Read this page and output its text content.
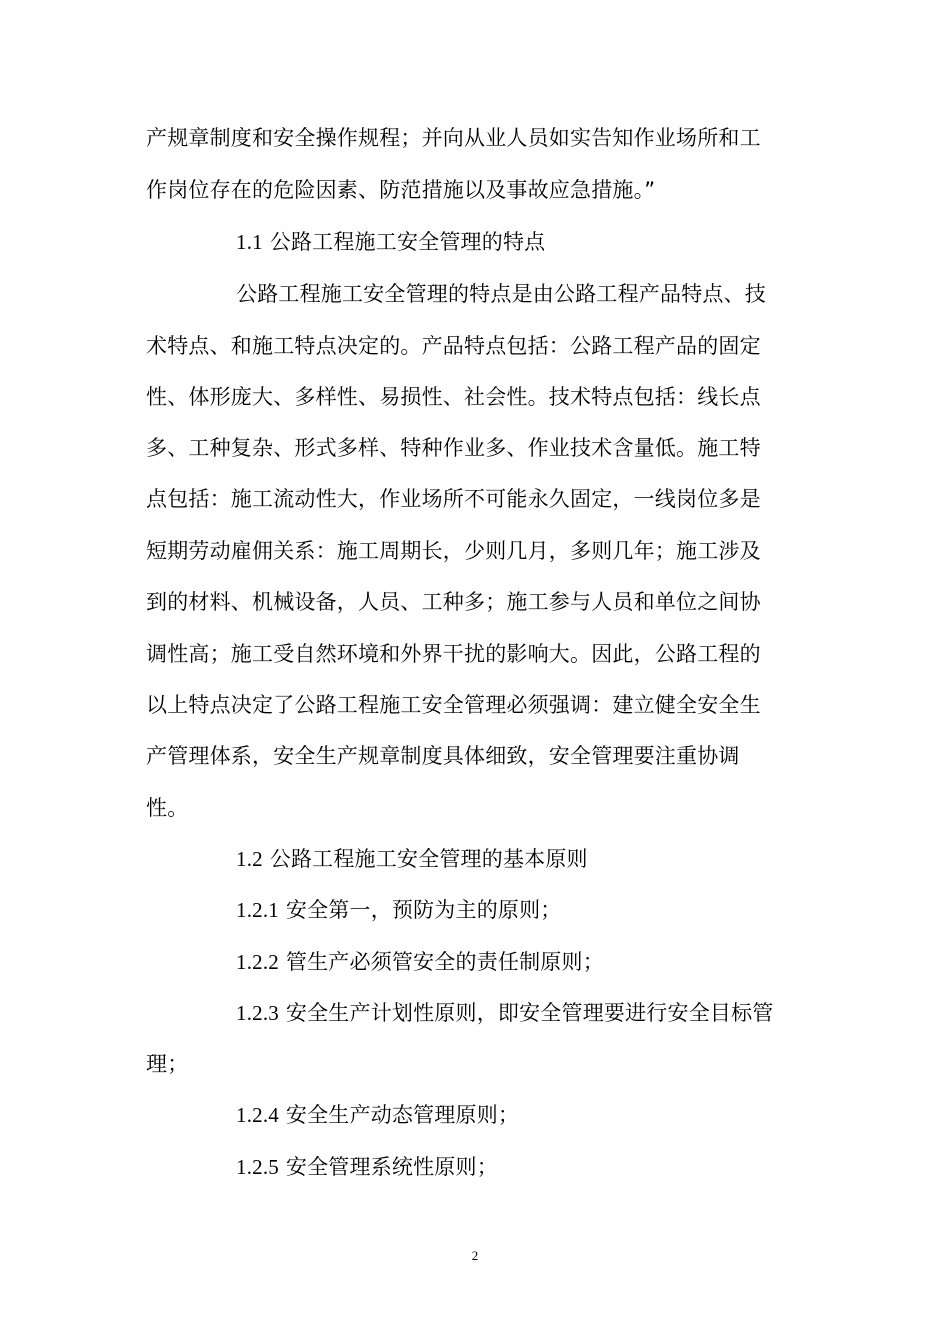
产规章制度和安全操作规程；并向从业人员如实告知作业场所和工
作岗位存在的危险因素、防范措施以及事故应急措施。”
1.1 公路工程施工安全管理的特点
公路工程施工安全管理的特点是由公路工程产品特点、技
术特点、和施工特点决定的。产品特点包括：公路工程产品的固定
性、体形庞大、多样性、易损性、社会性。技术特点包括：线长点
多、工种复杂、形式多样、特种作业多、作业技术含量低。施工特
点包括：施工流动性大，作业场所不可能永久固定，一线岗位多是
短期劳动雇佣关系：施工周期长，少则几月，多则几年；施工涉及
到的材料、机械设备，人员、工种多；施工参与人员和单位之间协
调性高；施工受自然环境和外界干扰的影响大。因此，公路工程的
以上特点决定了公路工程施工安全管理必须强调：建立健全安全生
产管理体系，安全生产规章制度具体细致，安全管理要注重协调
性。
1.2 公路工程施工安全管理的基本原则
1.2.1 安全第一，预防为主的原则；
1.2.2 管生产必须管安全的责任制原则；
1.2.3 安全生产计划性原则，即安全管理要进行安全目标管
理；
1.2.4 安全生产动态管理原则；
1.2.5 安全管理系统性原则；
2
